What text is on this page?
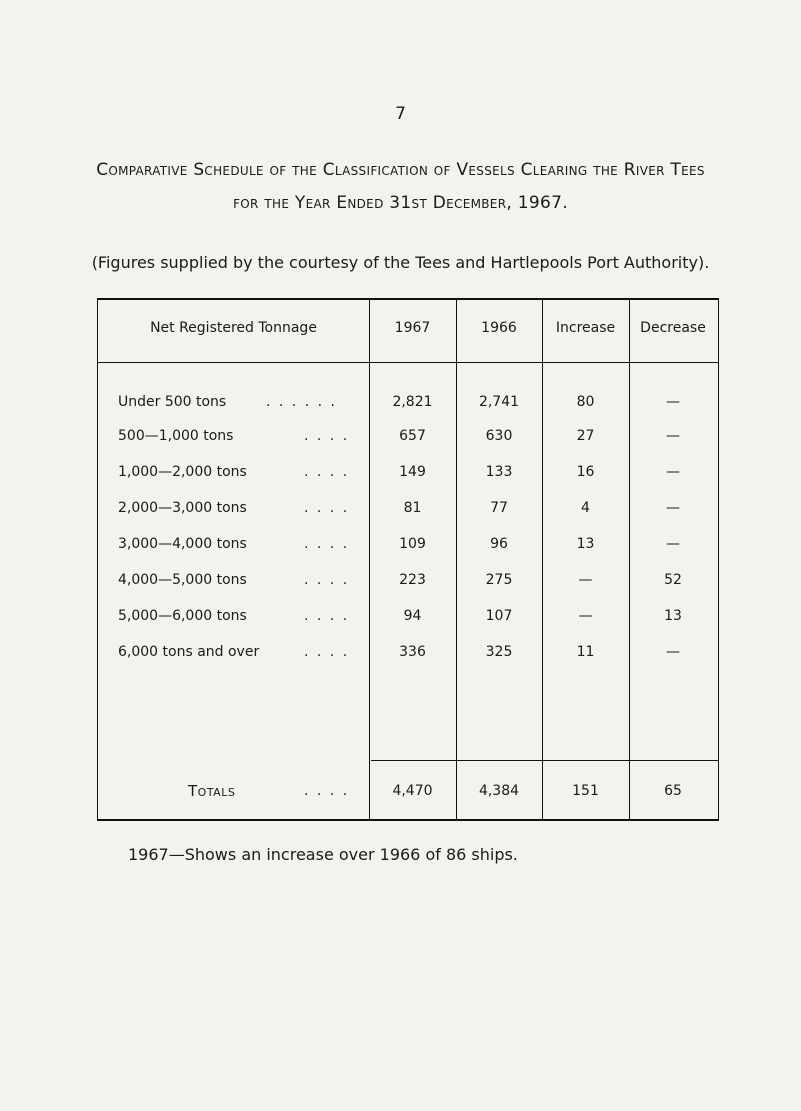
7
Comparative Schedule of the Classification of Vessels Clearing the River Tees
for the Year Ended 31st December, 1967.
(Figures supplied by the courtesy of the Tees and Hartlepools Port Authority).
Net Registered Tonnage	1967	1966	Increase	Decrease
Under 500 tons	. . . . . .	2,821	2,741	80	—
500—1,000 tons	. . . .	657	630	27	—
1,000—2,000 tons	. . . .	149	133	16	—
2,000—3,000 tons	. . . .	81	77	4	—
3,000—4,000 tons	. . . .	109	96	13	—
4,000—5,000 tons	. . . .	223	275	—	52
5,000—6,000 tons	. . . .	94	107	—	13
6,000 tons and over	. . . .	336	325	11	—
Totals	. . . .	4,470	4,384	151	65
1967—Shows an increase over 1966 of 86 ships.
